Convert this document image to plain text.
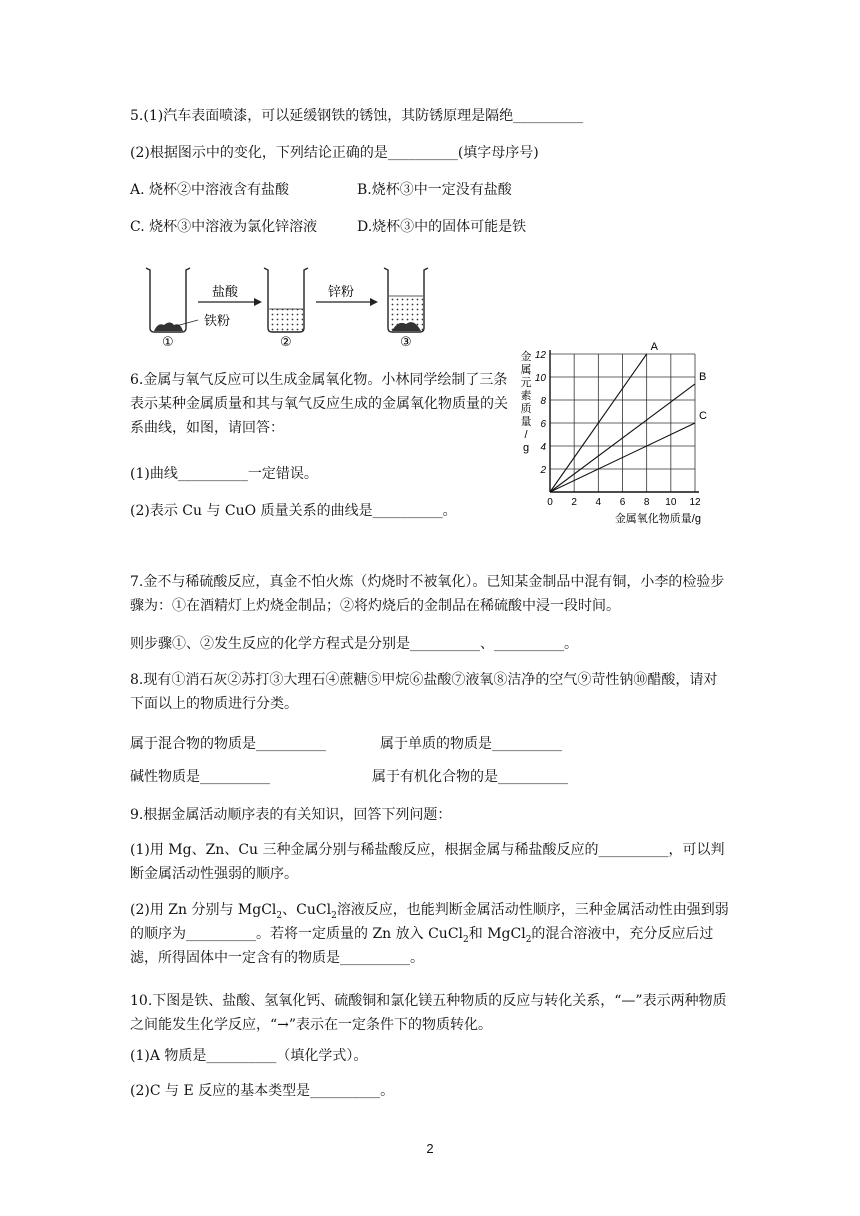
5.(1)汽车表面喷漆，可以延缓钢铁的锈蚀，其防锈原理是隔绝__________
(2)根据图示中的变化，下列结论正确的是__________(填字母序号)
A. 烧杯②中溶液含有盐酸	B.烧杯③中一定没有盐酸
C. 烧杯③中溶液为氯化锌溶液	D.烧杯③中的固体可能是铁
铁粉
①
盐酸
②
锌粉
③
6.金属与氧气反应可以生成金属氧化物。小林同学绘制了三条表示某种金属质量和其与氧气反应生成的金属氧化物质量的关系曲线，如图，请回答：
(1)曲线__________一定错误。
(2)表示 Cu 与 CuO 质量关系的曲线是__________。
0 2 4 6 8 10 12
2
4
6
8
10
12
金
属
元
素
质
量
/
g
金属氧化物质量/g
A
B
C
7.金不与稀硫酸反应，真金不怕火炼（灼烧时不被氧化）。已知某金制品中混有铜，小李的检验步骤为：①在酒精灯上灼烧金制品；②将灼烧后的金制品在稀硫酸中浸一段时间。
则步骤①、②发生反应的化学方程式是分别是__________、__________。
8.现有①消石灰②苏打③大理石④蔗糖⑤甲烷⑥盐酸⑦液氧⑧洁净的空气⑨苛性钠⑩醋酸，请对下面以上的物质进行分类。
属于混合物的物质是__________	属于单质的物质是__________
碱性物质是__________	属于有机化合物的是__________
9.根据金属活动顺序表的有关知识，回答下列问题：
(1)用 Mg、Zn、Cu 三种金属分别与稀盐酸反应，根据金属与稀盐酸反应的__________，可以判断金属活动性强弱的顺序。
(2)用 Zn 分别与 MgCl$_2$、CuCl$_2$溶液反应，也能判断金属活动性顺序，三种金属活动性由强到弱的顺序为__________。若将一定质量的 Zn 放入 CuCl$_2$和 MgCl$_2$的混合溶液中，充分反应后过滤，所得固体中一定含有的物质是__________。
10.下图是铁、盐酸、氢氧化钙、硫酸铜和氯化镁五种物质的反应与转化关系，“—”表示两种物质之间能发生化学反应，“→”表示在一定条件下的物质转化。
(1)A 物质是__________（填化学式）。
(2)C 与 E 反应的基本类型是__________。
2
